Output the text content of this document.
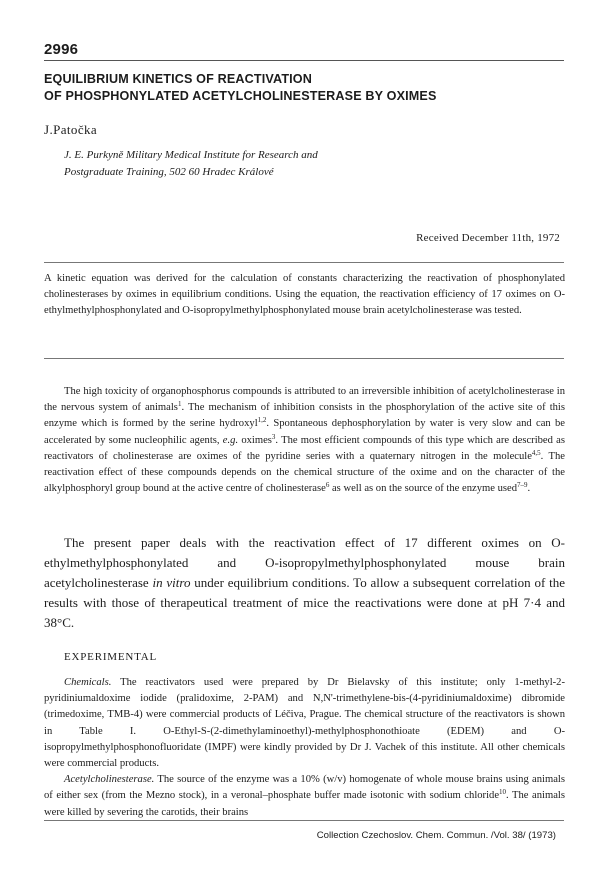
2996
EQUILIBRIUM KINETICS OF REACTIVATION
OF PHOSPHONYLATED ACETYLCHOLINESTERASE BY OXIMES
J.Patočka
J. E. Purkyně Military Medical Institute for Research and
Postgraduate Training, 502 60 Hradec Králové
Received December 11th, 1972
A kinetic equation was derived for the calculation of constants characterizing the reactivation of phosphonylated cholinesterases by oximes in equilibrium conditions. Using the equation, the reactivation efficiency of 17 oximes on O-ethylmethylphosphonylated and O-isopropylmethylphosphonylated mouse brain acetylcholinesterase was tested.

The high toxicity of organophosphorus compounds is attributed to an irreversible inhibition of acetylcholinesterase in the nervous system of animals$^1$. The mechanism of inhibition consists in the phosphorylation of the active site of this enzyme which is formed by the serine hydroxyl$^{1,2}$. Spontaneous dephosphorylation by water is very slow and can be accelerated by some nucleophilic agents, e.g. oximes$^3$. The most efficient compounds of this type which are described as reactivators of cholinesterase are oximes of the pyridine series with a quaternary nitrogen in the molecule$^{4,5}$. The reactivation effect of these compounds depends on the chemical structure of the oxime and on the character of the alkylphosphoryl group bound at the active centre of cholinesterase$^6$ as well as on the source of the enzyme used$^{7-9}$.

The present paper deals with the reactivation effect of 17 different oximes on O-ethylmethylphosphonylated and O-isopropylmethylphosphonylated mouse brain acetylcholinesterase in vitro under equilibrium conditions. To allow a subsequent correlation of the results with those of therapeutical treatment of mice the reactivations were done at pH 7·4 and 38°C.
EXPERIMENTAL

Chemicals. The reactivators used were prepared by Dr Bielavsky of this institute; only 1-methyl-2-pyridiniumaldoxime iodide (pralidoxime, 2-PAM) and N,N'-trimethylene-bis-(4-pyridiniumaldoxime) dibromide (trimedoxime, TMB-4) were commercial products of Léčiva, Prague. The chemical structure of the reactivators is shown in Table I. O-Ethyl-S-(2-dimethylaminoethyl)-methylphosphonothioate (EDEM) and O-isopropylmethylphosphonofluoridate (IMPF) were kindly provided by Dr J. Vachek of this institute. All other chemicals were commercial products.

Acetylcholinesterase. The source of the enzyme was a 10% (w/v) homogenate of whole mouse brains using animals of either sex (from the Mezno stock), in a veronal–phosphate buffer made isotonic with sodium chloride$^{10}$. The animals were killed by severing the carotids, their brains

Collection Czechoslov. Chem. Commun. /Vol. 38/ (1973)
